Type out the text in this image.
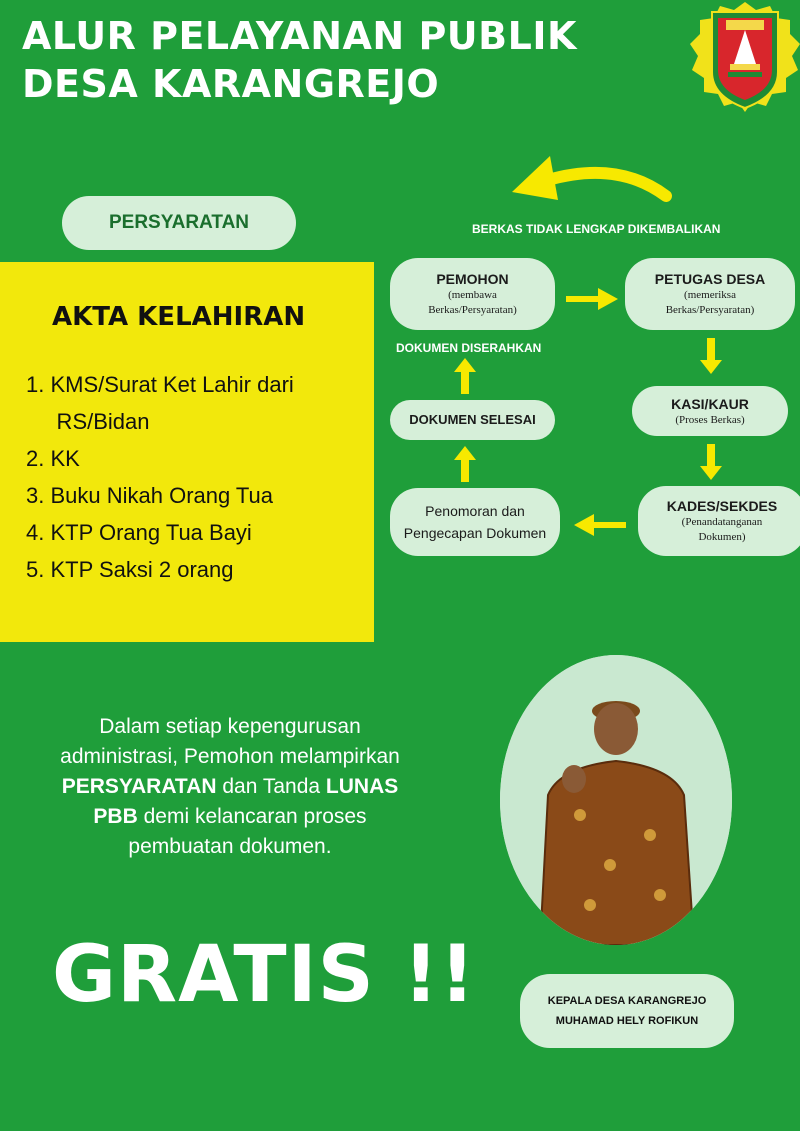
ALUR PELAYANAN PUBLIK
DESA KARANGREJO
PERSYARATAN
AKTA KELAHIRAN
1. KMS/Surat Ket Lahir dari
RS/Bidan
2. KK
3. Buku Nikah Orang Tua
4. KTP Orang Tua Bayi
5. KTP Saksi 2 orang
BERKAS TIDAK LENGKAP DIKEMBALIKAN
PEMOHON
(membawa
Berkas/Persyaratan)
PETUGAS DESA
(memeriksa
Berkas/Persyaratan)
DOKUMEN DISERAHKAN
DOKUMEN SELESAI
KASI/KAUR
(Proses Berkas)
Penomoran dan
Pengecapan Dokumen
KADES/SEKDES
(Penandatanganan
Dokumen)
Dalam setiap kepengurusan administrasi, Pemohon melampirkan PERSYARATAN dan Tanda LUNAS PBB demi kelancaran proses pembuatan dokumen.
GRATIS !!	KEPALA DESA KARANGREJO
MUHAMAD HELY ROFIKUN
